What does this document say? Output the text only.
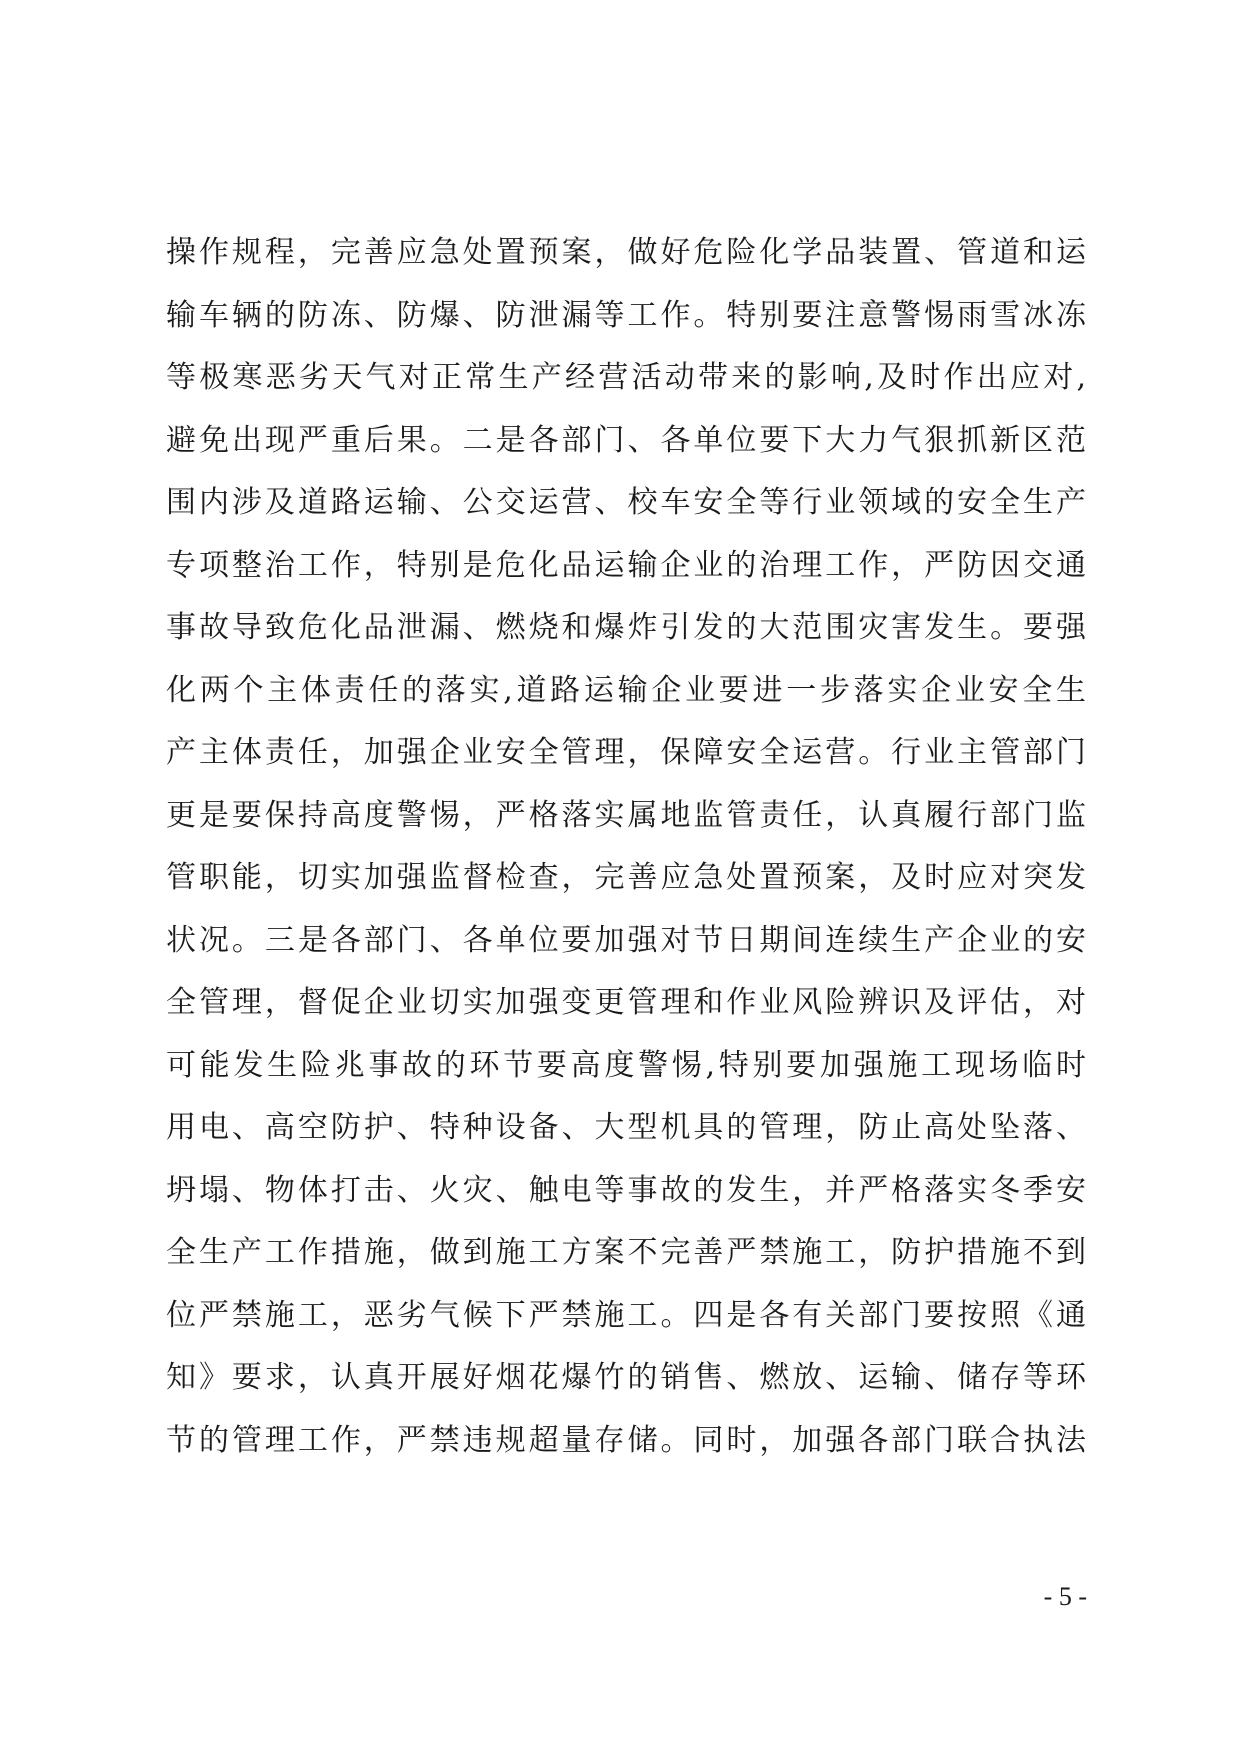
操作规程，完善应急处置预案，做好危险化学品装置、管道和运
输车辆的防冻、防爆、防泄漏等工作。特别要注意警惕雨雪冰冻
等极寒恶劣天气对正常生产经营活动带来的影响,及时作出应对,
避免出现严重后果。二是各部门、各单位要下大力气狠抓新区范
围内涉及道路运输、公交运营、校车安全等行业领域的安全生产
专项整治工作，特别是危化品运输企业的治理工作，严防因交通
事故导致危化品泄漏、燃烧和爆炸引发的大范围灾害发生。要强
化两个主体责任的落实,道路运输企业要进一步落实企业安全生
产主体责任，加强企业安全管理，保障安全运营。行业主管部门
更是要保持高度警惕，严格落实属地监管责任，认真履行部门监
管职能，切实加强监督检查，完善应急处置预案，及时应对突发
状况。三是各部门、各单位要加强对节日期间连续生产企业的安
全管理，督促企业切实加强变更管理和作业风险辨识及评估，对
可能发生险兆事故的环节要高度警惕,特别要加强施工现场临时
用电、高空防护、特种设备、大型机具的管理，防止高处坠落、
坍塌、物体打击、火灾、触电等事故的发生，并严格落实冬季安
全生产工作措施，做到施工方案不完善严禁施工，防护措施不到
位严禁施工，恶劣气候下严禁施工。四是各有关部门要按照《通
知》要求，认真开展好烟花爆竹的销售、燃放、运输、储存等环
节的管理工作，严禁违规超量存储。同时，加强各部门联合执法
- 5 -
